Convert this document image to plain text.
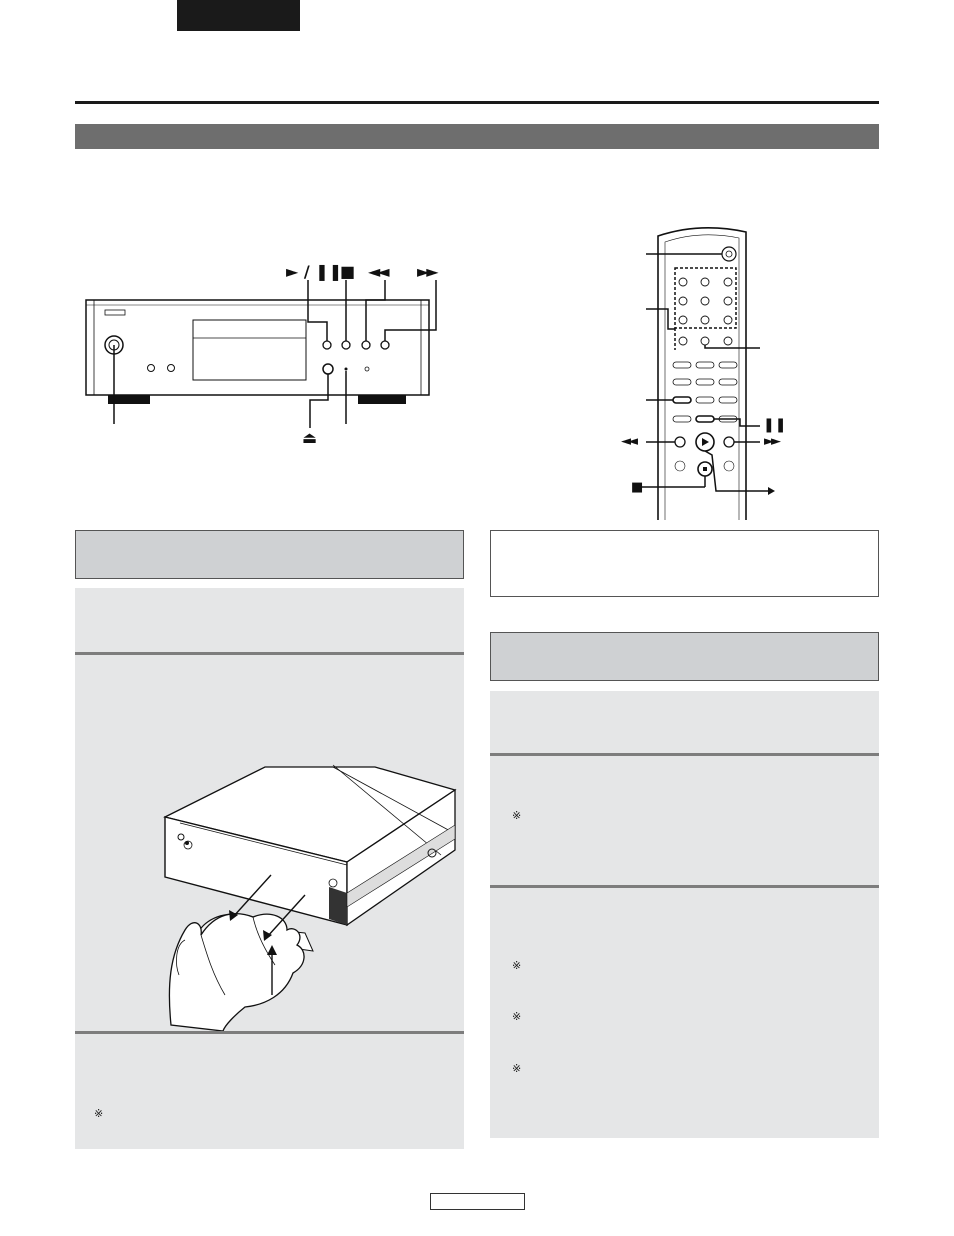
► / ❚❚
■ ◄◄ ►►
⏏
❚❚
◄◄	►►
■
※
※
※
※
※
